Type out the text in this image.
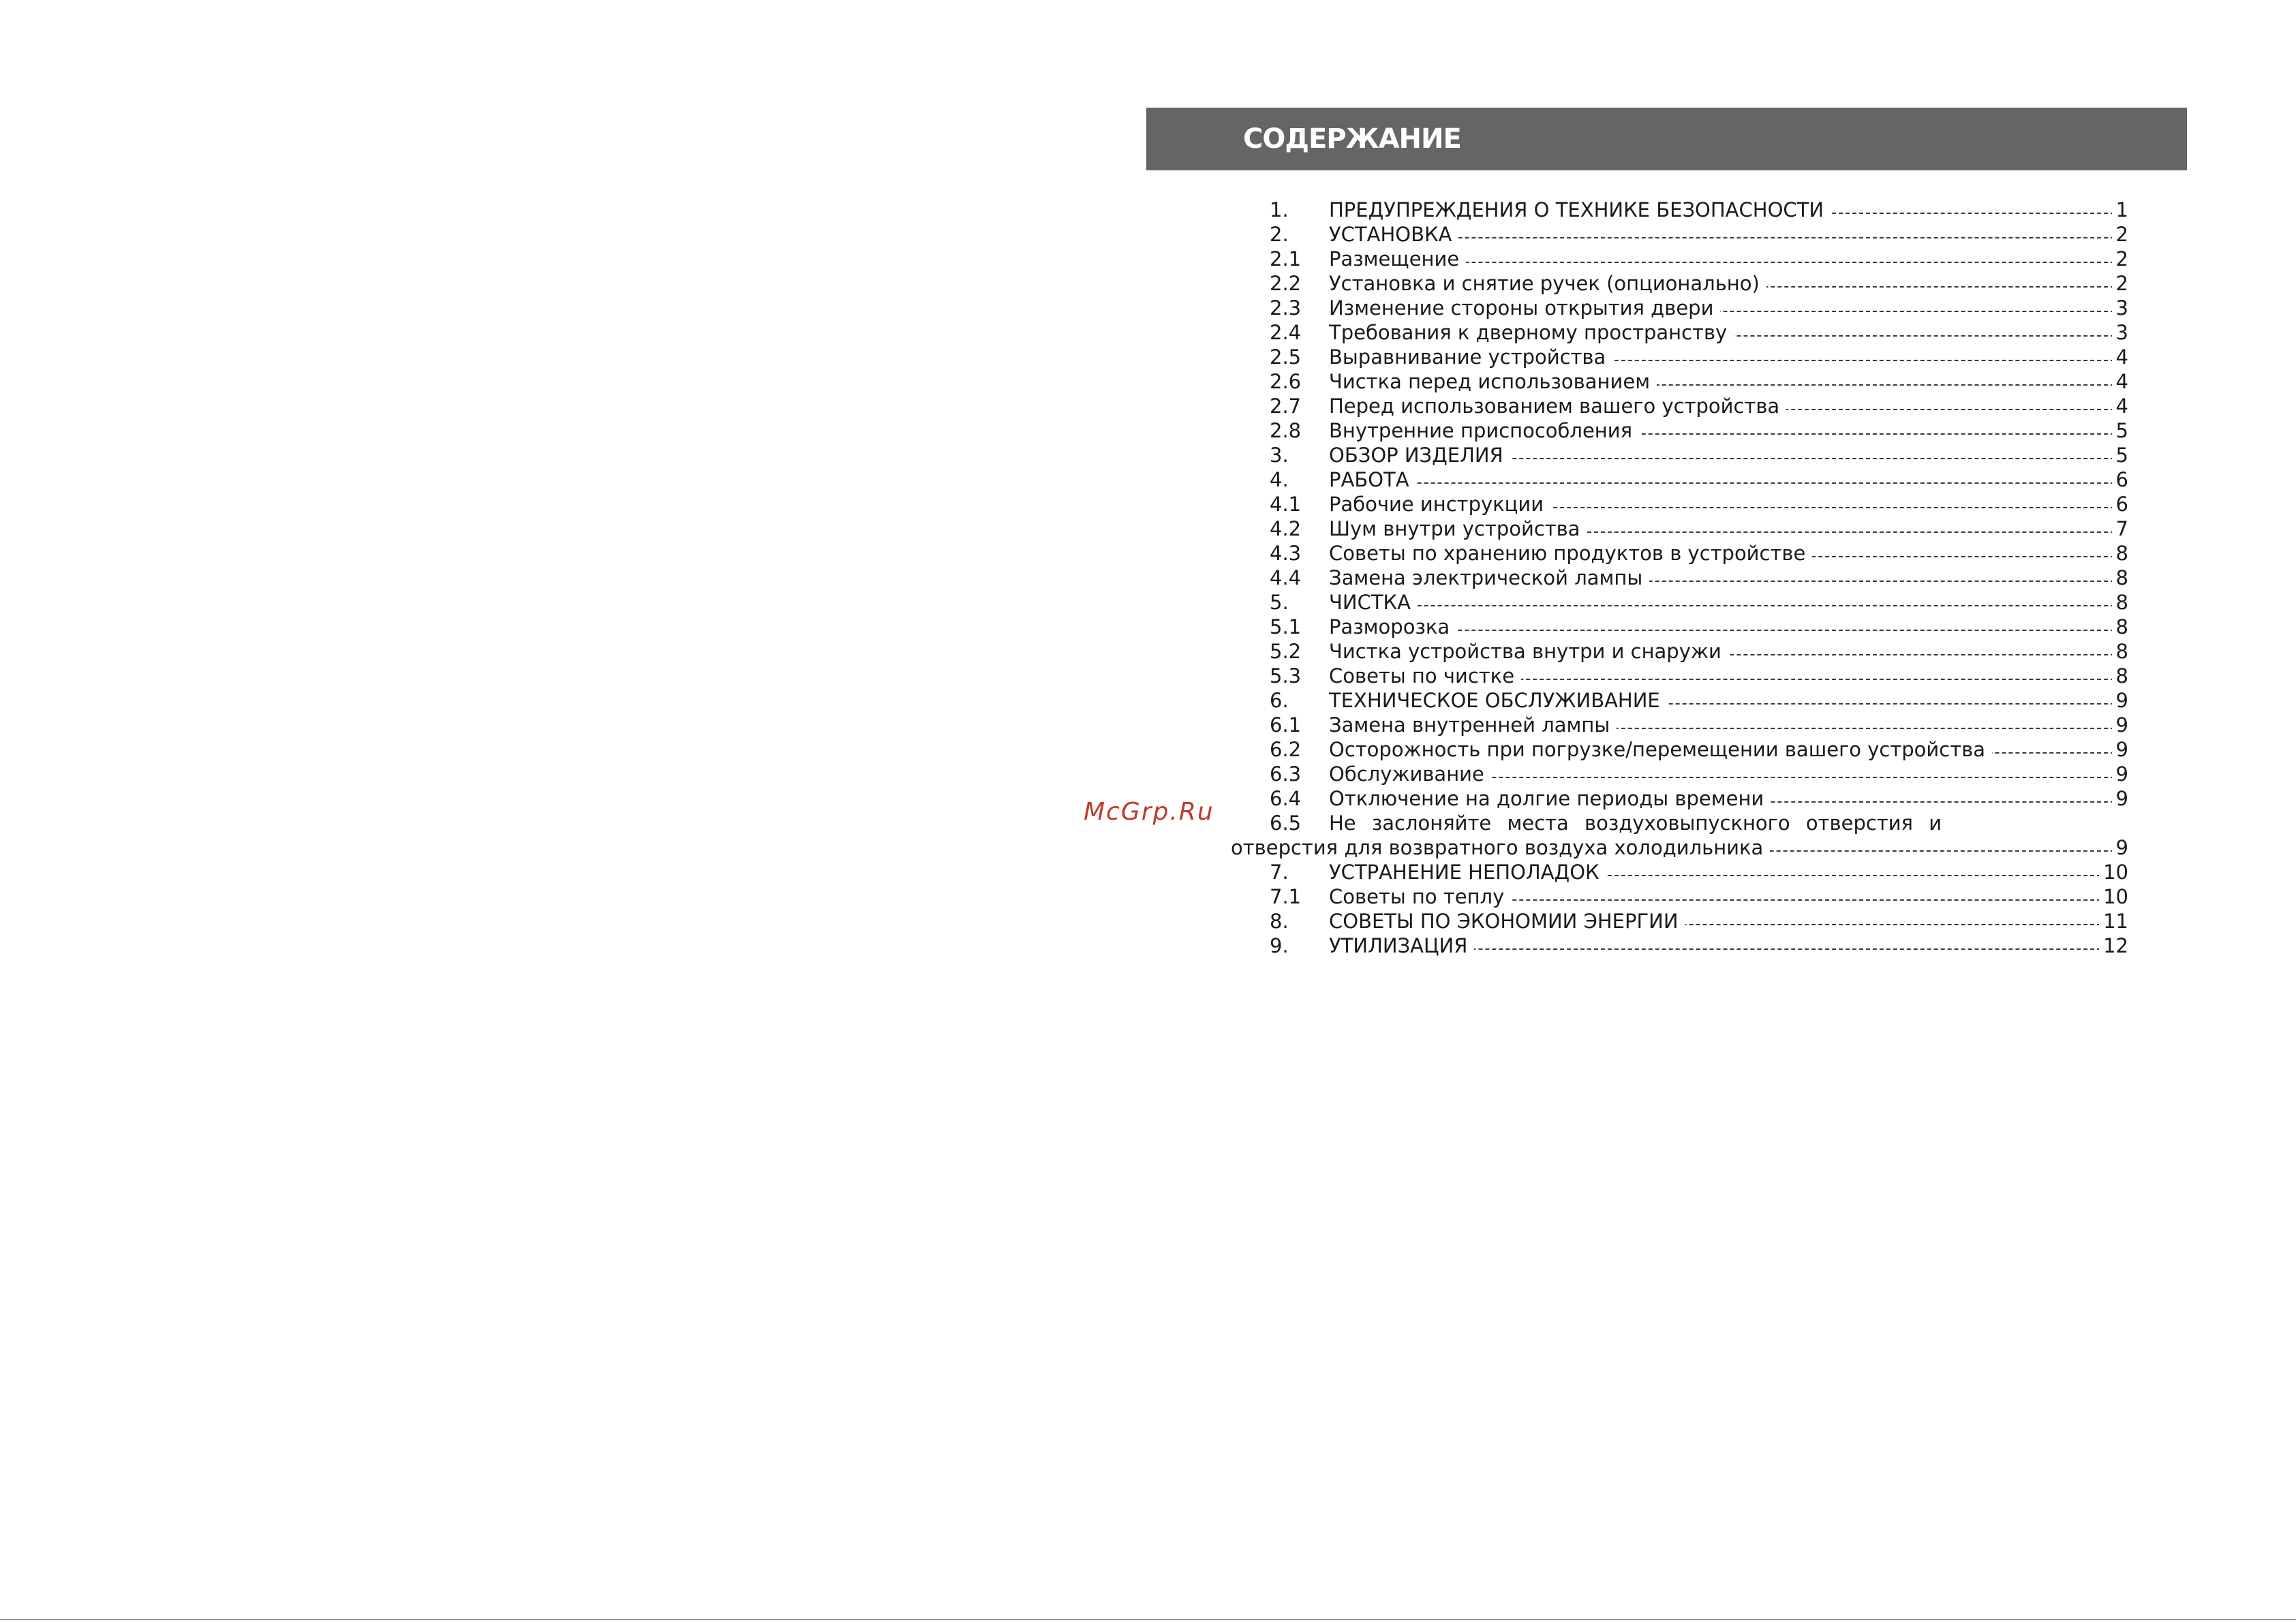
СОДЕРЖАНИЕ
McGrp.Ru
1. ПРЕДУПРЕЖДЕНИЯ О ТЕХНИКЕ БЕЗОПАСНОСТИ	1
2. УСТАНОВКА	2
2.1 Размещение	2
2.2 Установка и снятие ручек (опционально)	2
2.3 Изменение стороны открытия двери	3
2.4 Требования к дверному пространству	3
2.5 Выравнивание устройства	4
2.6 Чистка перед использованием	4
2.7 Перед использованием вашего устройства	4
2.8 Внутренние приспособления	5
3. ОБЗОР ИЗДЕЛИЯ	5
4. РАБОТА	6
4.1 Рабочие инструкции	6
4.2 Шум внутри устройства	7
4.3 Советы по хранению продуктов в устройстве	8
4.4 Замена электрической лампы	8
5. ЧИСТКА	8
5.1 Разморозка	8
5.2 Чистка устройства внутри и снаружи	8
5.3 Советы по чистке	8
6. ТЕХНИЧЕСКОЕ ОБСЛУЖИВАНИЕ	9
6.1 Замена внутренней лампы	9
6.2 Осторожность при погрузке/перемещении вашего устройства	9
6.3 Обслуживание	9
6.4 Отключение на долгие периоды времени	9
6.5 Не заслоняйте места воздуховыпускного отверстия и
отверстия для возвратного воздуха холодильника	9
7. УСТРАНЕНИЕ НЕПОЛАДОК	10
7.1 Советы по теплу	10
8. СОВЕТЫ ПО ЭКОНОМИИ ЭНЕРГИИ	11
9. УТИЛИЗАЦИЯ	12
